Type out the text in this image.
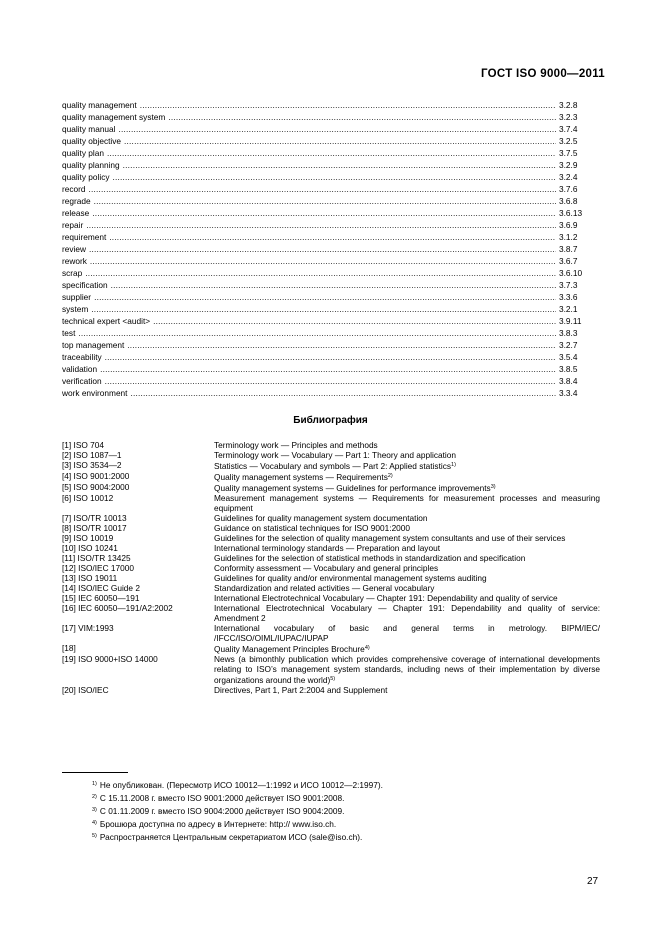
ГОСТ ISO 9000—2011
quality management .....	3.2.8
quality management system .....	3.2.3
quality manual .....	3.7.4
quality objective .....	3.2.5
quality plan .....	3.7.5
quality planning .....	3.2.9
quality policy .....	3.2.4
record .....	3.7.6
regrade .....	3.6.8
release .....	3.6.13
repair .....	3.6.9
requirement .....	3.1.2
review .....	3.8.7
rework .....	3.6.7
scrap .....	3.6.10
specification .....	3.7.3
supplier .....	3.3.6
system .....	3.2.1
technical expert <audit> .....	3.9.11
test .....	3.8.3
top management .....	3.2.7
traceability .....	3.5.4
validation .....	3.8.5
verification .....	3.8.4
work environment .....	3.3.4
Библиография
[1] ISO 704	Terminology work — Principles and methods
[2] ISO 1087—1	Terminology work — Vocabulary — Part 1: Theory and application
[3] ISO 3534—2	Statistics — Vocabulary and symbols — Part 2: Applied statistics$^{1)}$
[4] ISO 9001:2000	Quality management systems — Requirements$^{2)}$
[5] ISO 9004:2000	Quality management systems — Guidelines for performance improvements$^{3)}$
[6] ISO 10012	Measurement management systems — Requirements for measurement processes and measuring equipment
[7] ISO/TR 10013	Guidelines for quality management system documentation
[8] ISO/TR 10017	Guidance on statistical techniques for ISO 9001:2000
[9] ISO 10019	Guidelines for the selection of quality management system consultants and use of their services
[10] ISO 10241	International terminology standards — Preparation and layout
[11] ISO/TR 13425	Guidelines for the selection of statistical methods in standardization and specification
[12] ISO/IEC 17000	Conformity assessment — Vocabulary and general principles
[13] ISO 19011	Guidelines for quality and/or environmental management systems auditing
[14] ISO/IEC Guide 2	Standardization and related activities — General vocabulary
[15] IEC 60050—191	International Electrotechnical Vocabulary — Chapter 191: Dependability and quality of service
[16] IEC 60050—191/A2:2002	International Electrotechnical Vocabulary — Chapter 191: Dependability and quality of service: Amendment 2
[17] VIM:1993	International vocabulary of basic and general terms in metrology. BIPM/IEC/ /IFCC/ISO/OIML/IUPAC/IUPAP
[18]	Quality Management Principles Brochure$^{4)}$
[19] ISO 9000+ISO 14000	News (a bimonthly publication which provides comprehensive coverage of international developments relating to ISO’s management system standards, including news of their implementation by diverse organizations around the world)$^{5)}$
[20] ISO/IEC	Directives, Part 1, Part 2:2004 and Supplement
$^{1)}$ Не опубликован. (Пересмотр ИСО 10012—1:1992 и ИСО 10012—2:1997).
$^{2)}$ С 15.11.2008 г. вместо ISO 9001:2000 действует ISO 9001:2008.
$^{3)}$ С 01.11.2009 г. вместо ISO 9004:2000 действует ISO 9004:2009.
$^{4)}$ Брошюра доступна по адресу в Интернете: http:// www.iso.ch.
$^{5)}$ Распространяется Центральным секретариатом ИСО (sale@iso.ch).
27
